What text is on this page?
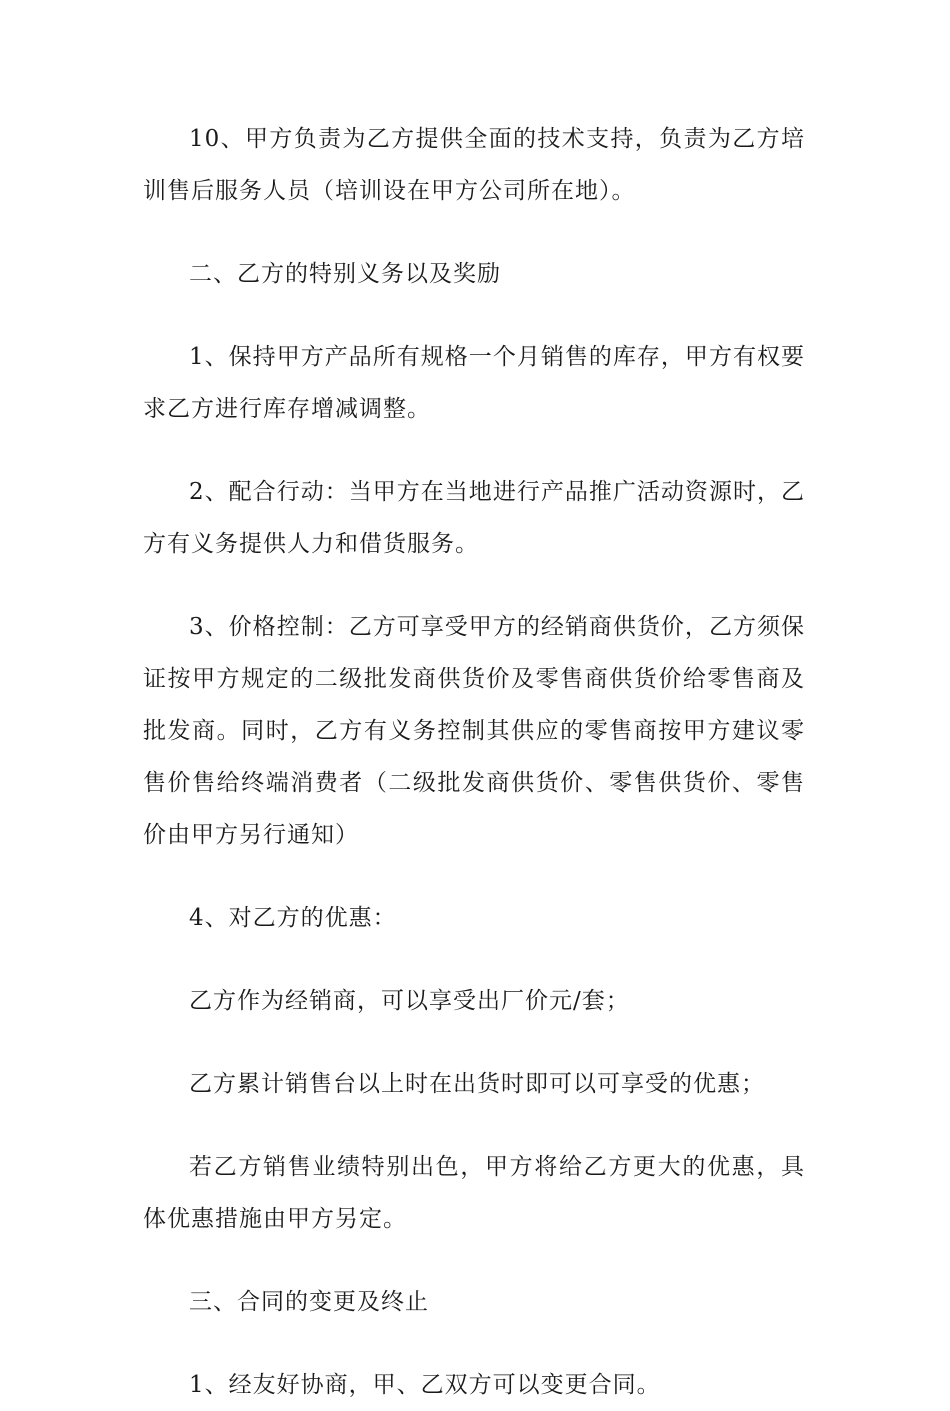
10、甲方负责为乙方提供全面的技术支持，负责为乙方培训售后服务人员（培训设在甲方公司所在地）。

二、乙方的特别义务以及奖励

1、保持甲方产品所有规格一个月销售的库存，甲方有权要求乙方进行库存增减调整。

2、配合行动：当甲方在当地进行产品推广活动资源时，乙方有义务提供人力和借货服务。

3、价格控制：乙方可享受甲方的经销商供货价，乙方须保证按甲方规定的二级批发商供货价及零售商供货价给零售商及批发商。同时，乙方有义务控制其供应的零售商按甲方建议零售价售给终端消费者（二级批发商供货价、零售供货价、零售价由甲方另行通知）

4、对乙方的优惠：

乙方作为经销商，可以享受出厂价元/套；

乙方累计销售台以上时在出货时即可以可享受的优惠；

若乙方销售业绩特别出色，甲方将给乙方更大的优惠，具体优惠措施由甲方另定。

三、合同的变更及终止

1、经友好协商，甲、乙双方可以变更合同。
